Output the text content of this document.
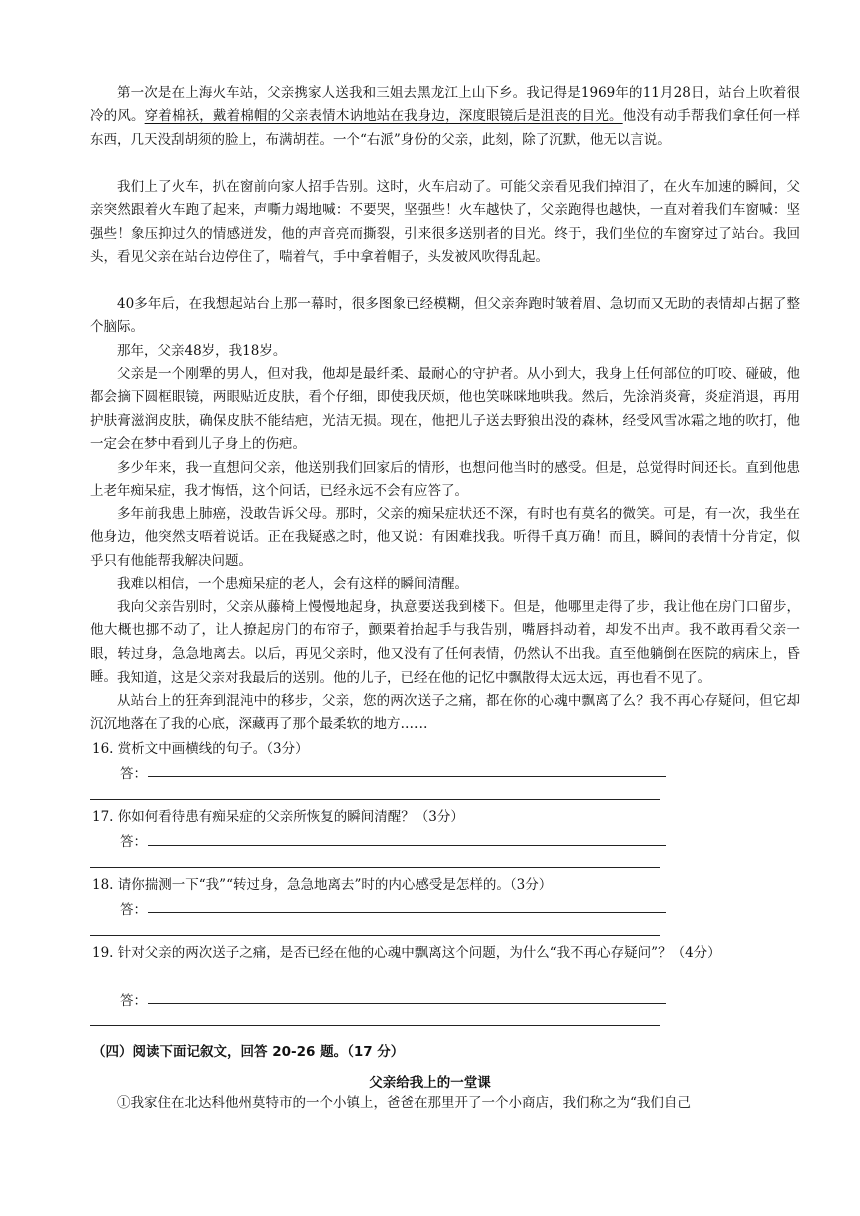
第一次是在上海火车站，父亲携家人送我和三姐去黑龙江上山下乡。我记得是1969年的11月28日，站台上吹着很冷的风。穿着棉袄，戴着棉帽的父亲表情木讷地站在我身边，深度眼镜后是沮丧的目光。他没有动手帮我们拿任何一样东西，几天没刮胡须的脸上，布满胡茬。一个“右派”身份的父亲，此刻，除了沉默，他无以言说。

我们上了火车，扒在窗前向家人招手告别。这时，火车启动了。可能父亲看见我们掉泪了，在火车加速的瞬间，父亲突然跟着火车跑了起来，声嘶力竭地喊：不要哭，坚强些！火车越快了，父亲跑得也越快，一直对着我们车窗喊：坚强些！象压抑过久的情感迸发，他的声音亮而撕裂，引来很多送别者的目光。终于，我们坐位的车窗穿过了站台。我回头，看见父亲在站台边停住了，喘着气，手中拿着帽子，头发被风吹得乱起。

40多年后，在我想起站台上那一幕时，很多图象已经模糊，但父亲奔跑时皱着眉、急切而又无助的表情却占据了整个脑际。

那年，父亲48岁，我18岁。

父亲是一个刚犟的男人，但对我，他却是最纤柔、最耐心的守护者。从小到大，我身上任何部位的叮咬、碰破，他都会摘下圆框眼镜，两眼贴近皮肤，看个仔细，即使我厌烦，他也笑咪咪地哄我。然后，先涂消炎膏，炎症消退，再用护肤膏滋润皮肤，确保皮肤不能结疤，光洁无损。现在，他把儿子送去野狼出没的森林，经受风雪冰霜之地的吹打，他一定会在梦中看到儿子身上的伤疤。

多少年来，我一直想问父亲，他送别我们回家后的情形，也想问他当时的感受。但是，总觉得时间还长。直到他患上老年痴呆症，我才悔悟，这个问话，已经永远不会有应答了。

多年前我患上肺癌，没敢告诉父母。那时，父亲的痴呆症状还不深，有时也有莫名的微笑。可是，有一次，我坐在他身边，他突然支唔着说话。正在我疑惑之时，他又说：有困难找我。听得千真万确！而且，瞬间的表情十分肯定，似乎只有他能帮我解决问题。

我难以相信，一个患痴呆症的老人，会有这样的瞬间清醒。

我向父亲告别时，父亲从藤椅上慢慢地起身，执意要送我到楼下。但是，他哪里走得了步，我让他在房门口留步，他大概也挪不动了，让人撩起房门的布帘子，颤栗着抬起手与我告别，嘴唇抖动着，却发不出声。我不敢再看父亲一眼，转过身，急急地离去。以后，再见父亲时，他又没有了任何表情，仍然认不出我。直至他躺倒在医院的病床上，昏睡。 我知道，这是父亲对我最后的送别。他的儿子，已经在他的记忆中飘散得太远太远，再也看不见了。

从站台上的狂奔到混沌中的移步，父亲，您的两次送子之痛，都在你的心魂中飘离了么？我不再心存疑问，但它却沉沉地落在了我的心底，深藏再了那个最柔软的地方……

16. 赏析文中画横线的句子。（3分）
答：
17. 你如何看待患有痴呆症的父亲所恢复的瞬间清醒？（3分）
答：
18. 请你揣测一下“我”“转过身，急急地离去”时的内心感受是怎样的。（3分）
答：
19. 针对父亲的两次送子之痛，是否已经在他的心魂中飘离这个问题，为什么“我不再心存疑问”？（4分）
答：
（四）阅读下面记叙文，回答 20-26 题。（17 分）
父亲给我上的一堂课

①我家住在北达科他州莫特市的一个小镇上，爸爸在那里开了一个小商店，我们称之为“我们自己
